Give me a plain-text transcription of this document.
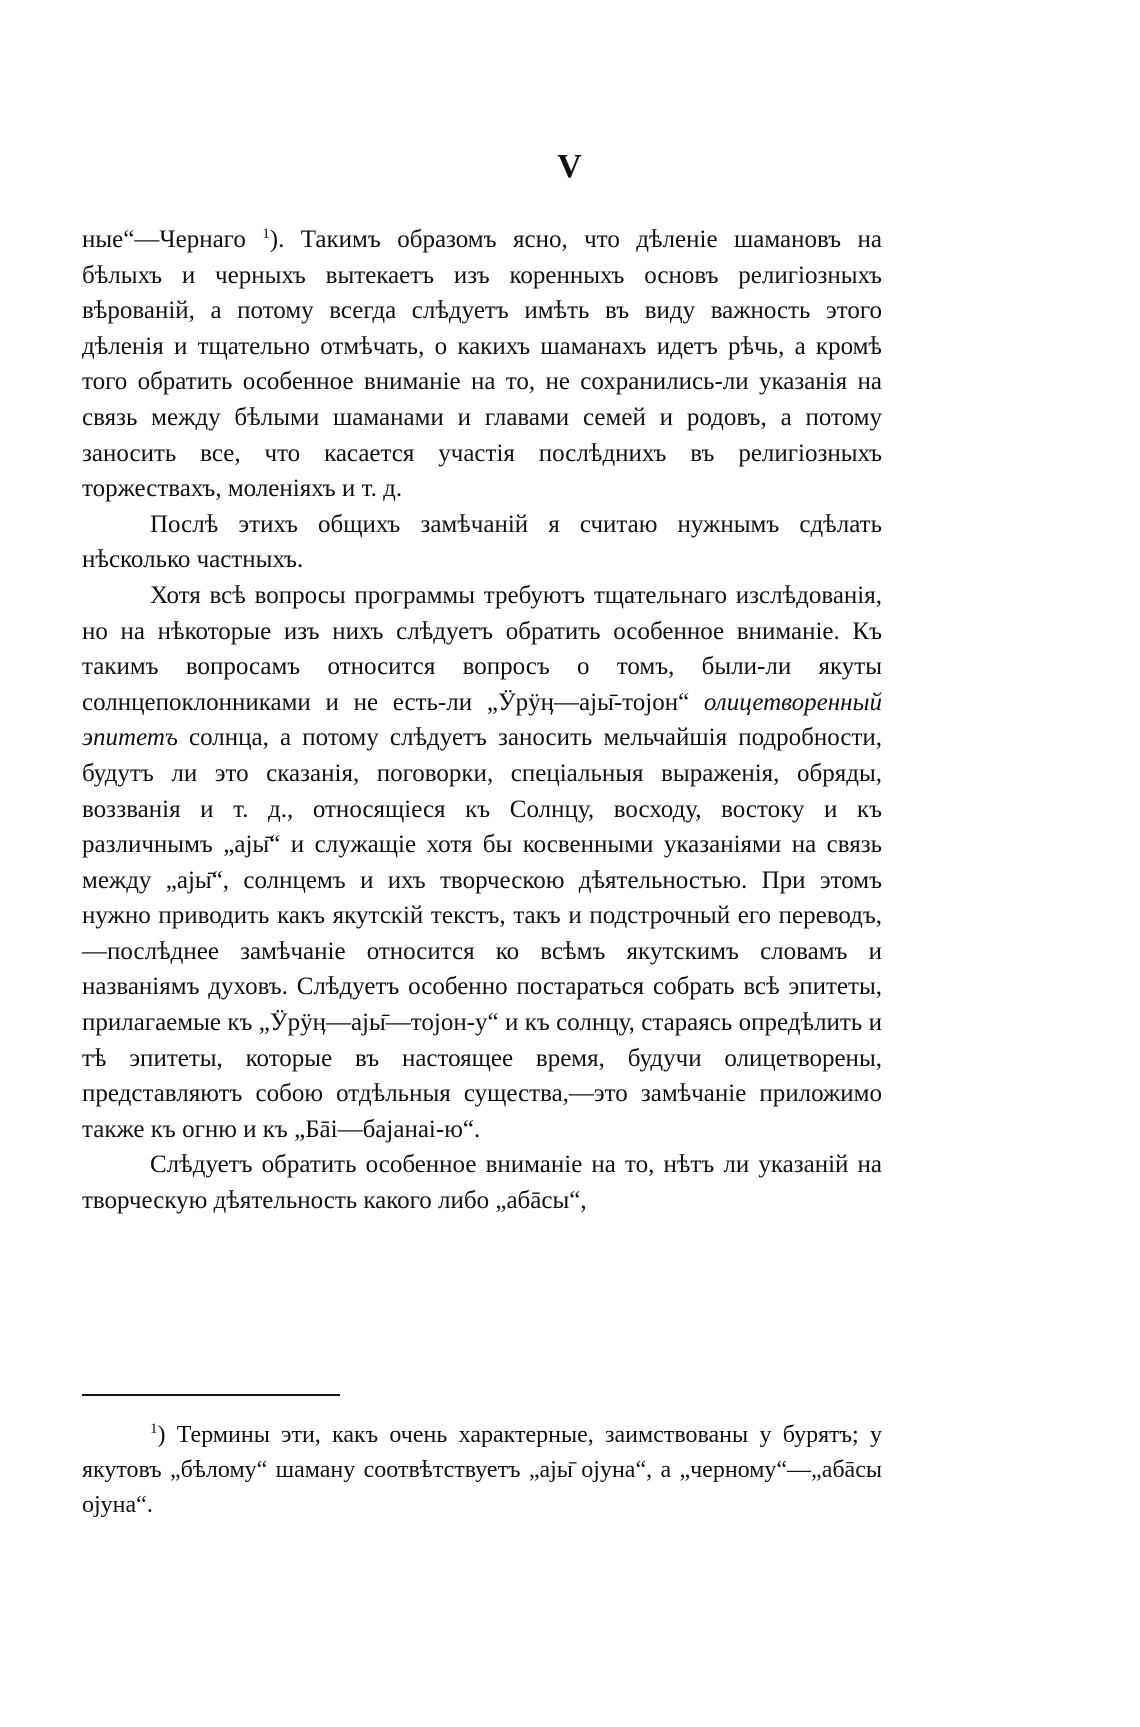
V

ные“—Чернаго $^1$). Такимъ образомъ ясно, что дѣленіе шамановъ на бѣлыхъ и черныхъ вытекаетъ изъ коренныхъ основъ религіозныхъ вѣрованій, а потому всегда слѣдуетъ имѣть въ виду важность этого дѣленія и тщательно отмѣчать, о какихъ шаманахъ идетъ рѣчь, а кромѣ того обратить особенное вниманіе на то, не сохранились-ли указанія на связь между бѣлыми шаманами и главами семей и родовъ, а потому заносить все, что касается участія послѣднихъ въ религіозныхъ торжествахъ, моленіяхъ и т. д.

Послѣ этихъ общихъ замѣчаній я считаю нужнымъ сдѣлать нѣсколько частныхъ.

Хотя всѣ вопросы программы требуютъ тщательнаго изслѣдованія, но на нѣкоторые изъ нихъ слѣдуетъ обратить особенное вниманіе. Къ такимъ вопросамъ относится вопросъ о томъ, были-ли якуты солнцепоклонниками и не есть-ли „Ӱрӱӊ—ајы̄-тојон“ олицетворенный эпитетъ солнца, а потому слѣдуетъ заносить мельчайшія подробности, будутъ ли это сказанія, поговорки, спеціальныя выраженія, обряды, воззванія и т. д., относящіеся къ Солнцу, восходу, востоку и къ различнымъ „ајы̄“ и служащіе хотя бы косвенными указаніями на связь между „ајы̄“, солнцемъ и ихъ творческою дѣятельностью. При этомъ нужно приводить какъ якутскій текстъ, такъ и подстрочный его переводъ,—послѣднее замѣчаніе относится ко всѣмъ якутскимъ словамъ и названіямъ духовъ. Слѣдуетъ особенно постараться собрать всѣ эпитеты, прилагаемые къ „Ӱрӱӊ—ајы̄—тојон-у“ и къ солнцу, стараясь опредѣлить и тѣ эпитеты, которые въ настоящее время, будучи олицетворены, представляютъ собою отдѣльныя существа,—это замѣчаніе приложимо также къ огню и къ „Бāі—бајанаі-ю“.

Слѣдуетъ обратить особенное вниманіе на то, нѣтъ ли указаній на творческую дѣятельность какого либо „абāсы“,

$^1$) Термины эти, какъ очень характерные, заимствованы у бурятъ; у якутовъ „бѣлому“ шаману соотвѣтствуетъ „ајы̄ ојуна“, а „черному“—„абāсы ојуна“.
